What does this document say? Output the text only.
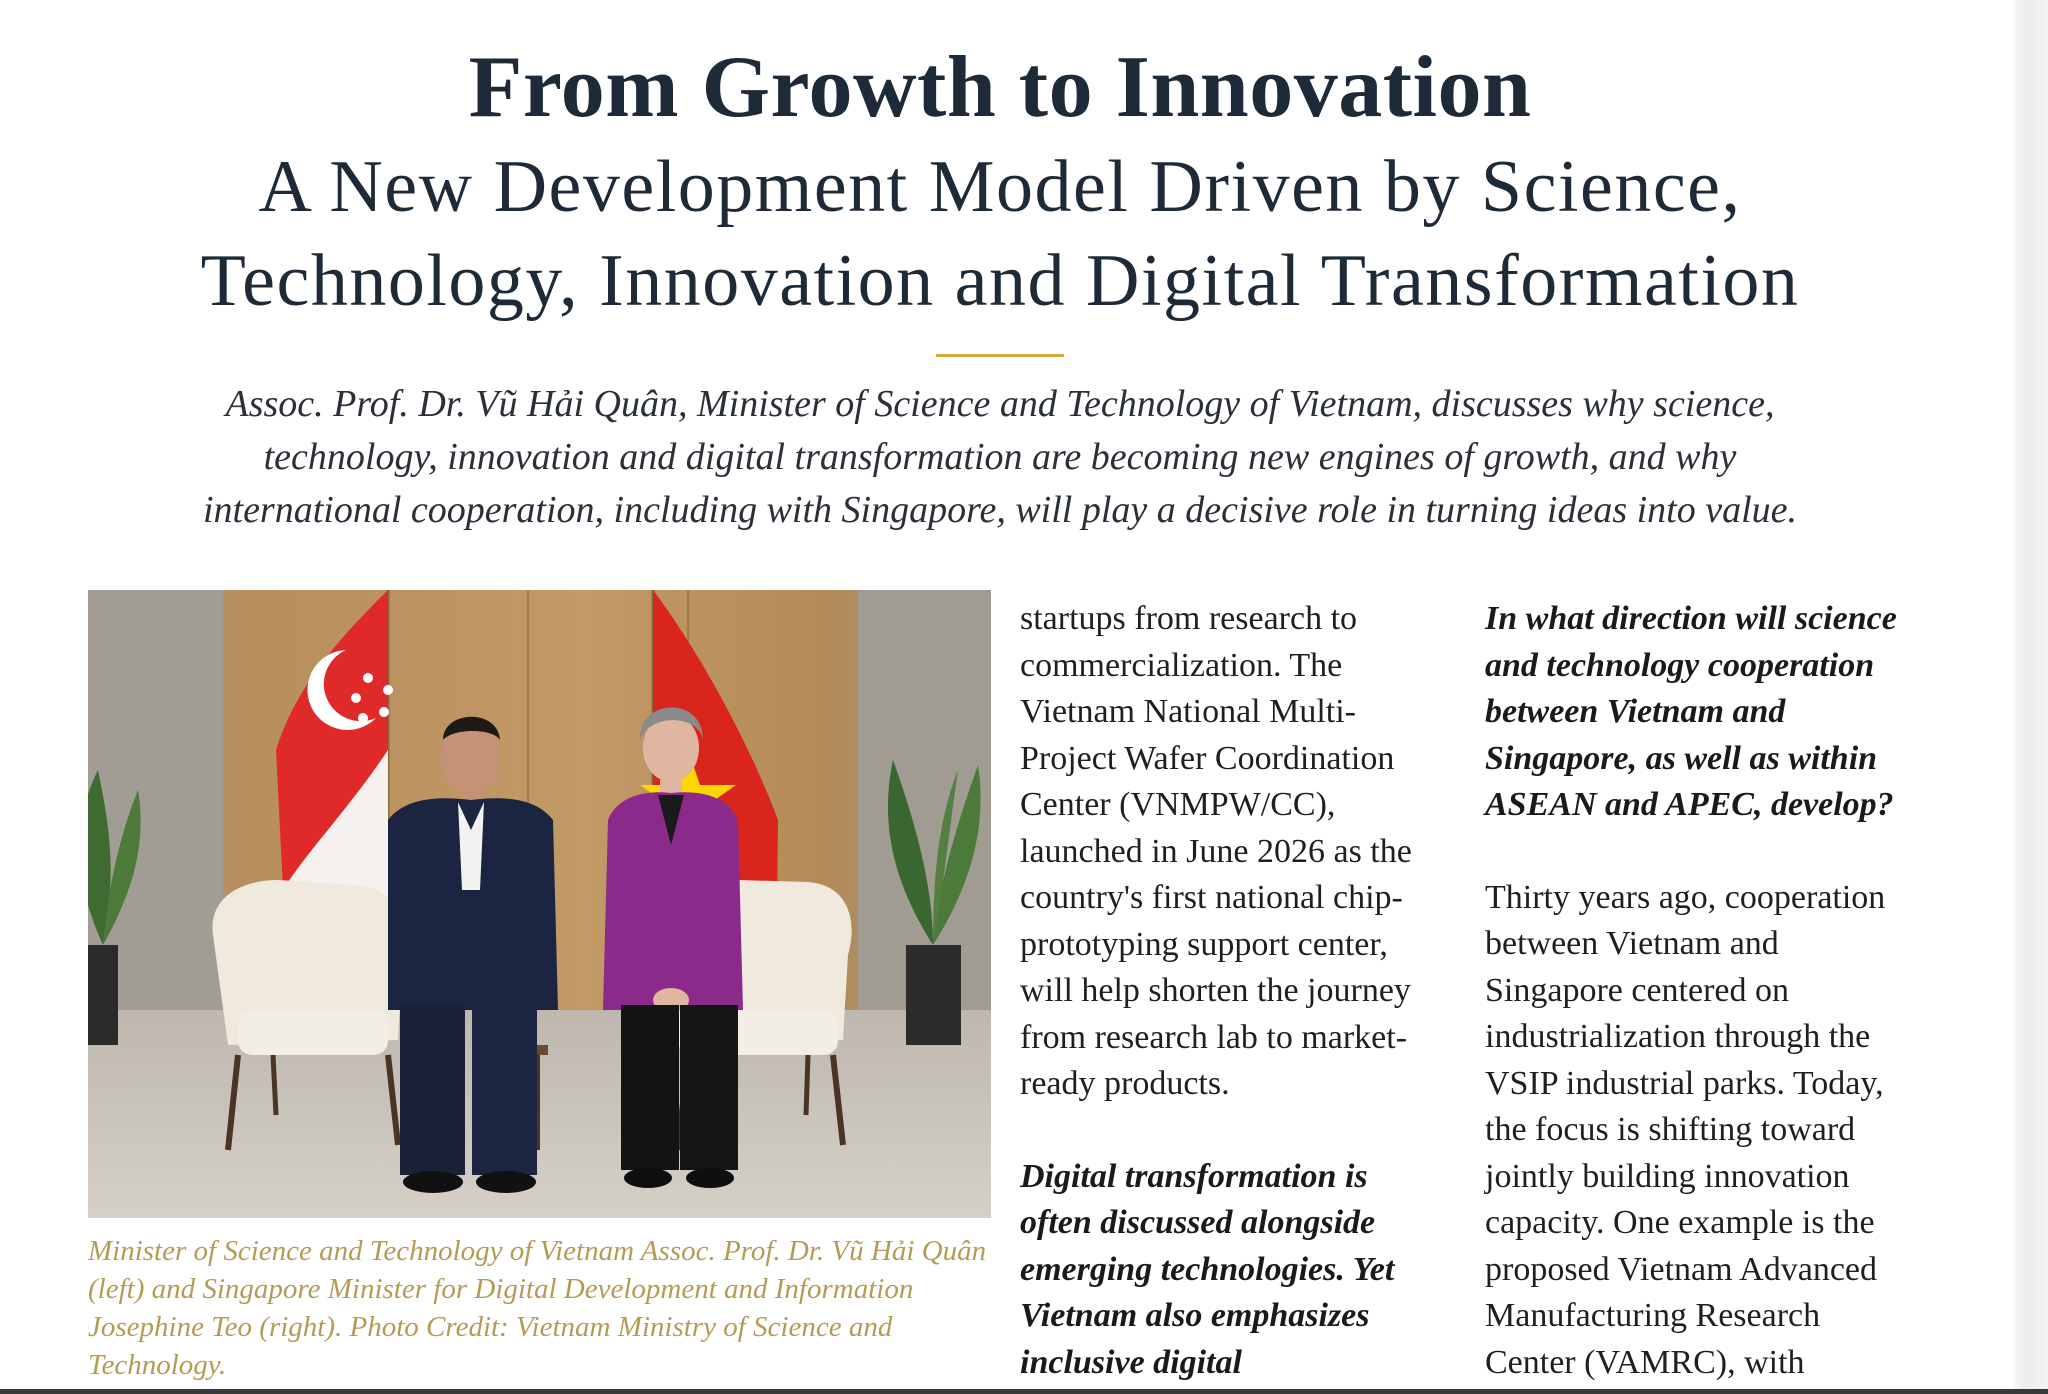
From Growth to Innovation
A New Development Model Driven by Science,
Technology, Innovation and Digital Transformation
Assoc. Prof. Dr. Vũ Hải Quân, Minister of Science and Technology of Vietnam, discusses why science,
technology, innovation and digital transformation are becoming new engines of growth, and why
international cooperation, including with Singapore, will play a decisive role in turning ideas into value.
Minister of Science and Technology of Vietnam Assoc. Prof. Dr. Vũ Hải Quân
(left) and Singapore Minister for Digital Development and Information
Josephine Teo (right). Photo Credit: Vietnam Ministry of Science and
Technology.
startups from research to
commercialization. The
Vietnam National Multi-
Project Wafer Coordination
Center (VNMPW/CC),
launched in June 2026 as the
country's first national chip-
prototyping support center,
will help shorten the journey
from research lab to market-
ready products.
Digital transformation is
often discussed alongside
emerging technologies. Yet
Vietnam also emphasizes
inclusive digital
In what direction will science
and technology cooperation
between Vietnam and
Singapore, as well as within
ASEAN and APEC, develop?
Thirty years ago, cooperation
between Vietnam and
Singapore centered on
industrialization through the
VSIP industrial parks. Today,
the focus is shifting toward
jointly building innovation
capacity. One example is the
proposed Vietnam Advanced
Manufacturing Research
Center (VAMRC), with
